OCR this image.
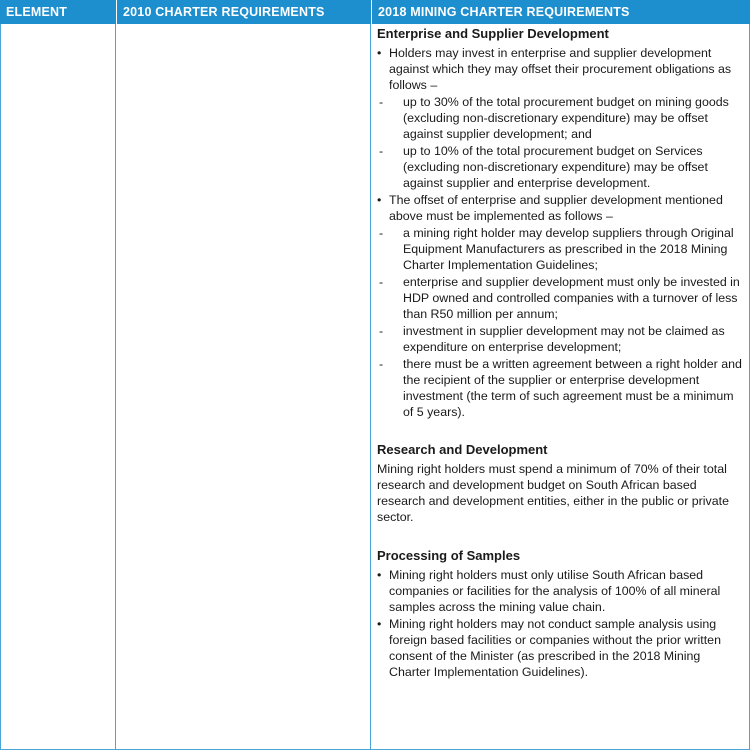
ELEMENT	2010 CHARTER REQUIREMENTS	2018 MINING CHARTER REQUIREMENTS
Enterprise and Supplier Development
• Holders may invest in enterprise and supplier development against which they may offset their procurement obligations as follows –
- up to 30% of the total procurement budget on mining goods (excluding non-discretionary expenditure) may be offset against supplier development; and
- up to 10% of the total procurement budget on Services (excluding non-discretionary expenditure) may be offset against supplier and enterprise development.
• The offset of enterprise and supplier development mentioned above must be implemented as follows –
- a mining right holder may develop suppliers through Original Equipment Manufacturers as prescribed in the 2018 Mining Charter Implementation Guidelines;
- enterprise and supplier development must only be invested in HDP owned and controlled companies with a turnover of less than R50 million per annum;
- investment in supplier development may not be claimed as expenditure on enterprise development;
- there must be a written agreement between a right holder and the recipient of the supplier or enterprise development investment (the term of such agreement must be a minimum of 5 years).
Research and Development

Mining right holders must spend a minimum of 70% of their total research and development budget on South African based research and development entities, either in the public or private sector.

Processing of Samples
• Mining right holders must only utilise South African based companies or facilities for the analysis of 100% of all mineral samples across the mining value chain.
• Mining right holders may not conduct sample analysis using foreign based facilities or companies without the prior written consent of the Minister (as prescribed in the 2018 Mining Charter Implementation Guidelines).
